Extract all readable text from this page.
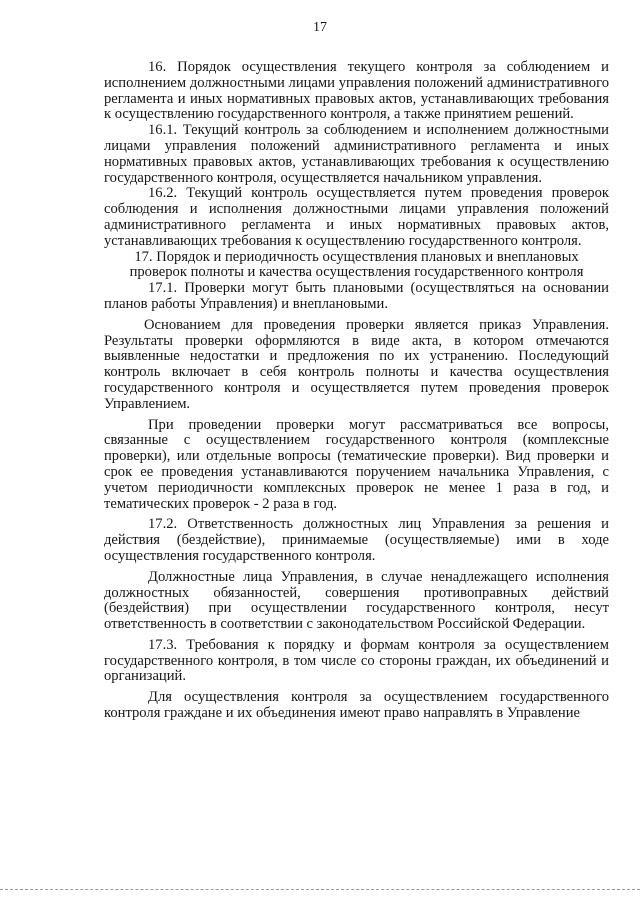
17

16. Порядок осуществления текущего контроля за соблюдением и исполнением должностными лицами управления положений административного регламента и иных нормативных правовых актов, устанавливающих требования к осуществлению государственного контроля, а также принятием решений.

16.1. Текущий контроль за соблюдением и исполнением должностными лицами управления положений административного регламента и иных нормативных правовых актов, устанавливающих требования к осуществлению государственного контроля, осуществляется начальником управления.

16.2. Текущий контроль осуществляется путем проведения проверок соблюдения и исполнения должностными лицами управления положений административного регламента и иных нормативных правовых актов, устанавливающих требования к осуществлению государственного контроля.

17. Порядок и периодичность осуществления плановых и внеплановых проверок полноты и качества осуществления государственного контроля

17.1. Проверки могут быть плановыми (осуществляться на основании планов работы Управления) и внеплановыми.

Основанием для проведения проверки является приказ Управления. Результаты проверки оформляются в виде акта, в котором отмечаются выявленные недостатки и предложения по их устранению. Последующий контроль включает в себя контроль полноты и качества осуществления государственного контроля и осуществляется путем проведения проверок Управлением.

При проведении проверки могут рассматриваться все вопросы, связанные с осуществлением государственного контроля (комплексные проверки), или отдельные вопросы (тематические проверки). Вид проверки и срок ее проведения устанавливаются поручением начальника Управления, с учетом периодичности комплексных проверок не менее 1 раза в год, и тематических проверок - 2 раза в год.

17.2. Ответственность должностных лиц Управления за решения и действия (бездействие), принимаемые (осуществляемые) ими в ходе осуществления государственного контроля.

Должностные лица Управления, в случае ненадлежащего исполнения должностных обязанностей, совершения противоправных действий (бездействия) при осуществлении государственного контроля, несут ответственность в соответствии с законодательством Российской Федерации.

17.3. Требования к порядку и формам контроля за осуществлением государственного контроля, в том числе со стороны граждан, их объединений и организаций.

Для осуществления контроля за осуществлением государственного контроля граждане и их объединения имеют право направлять в Управление
